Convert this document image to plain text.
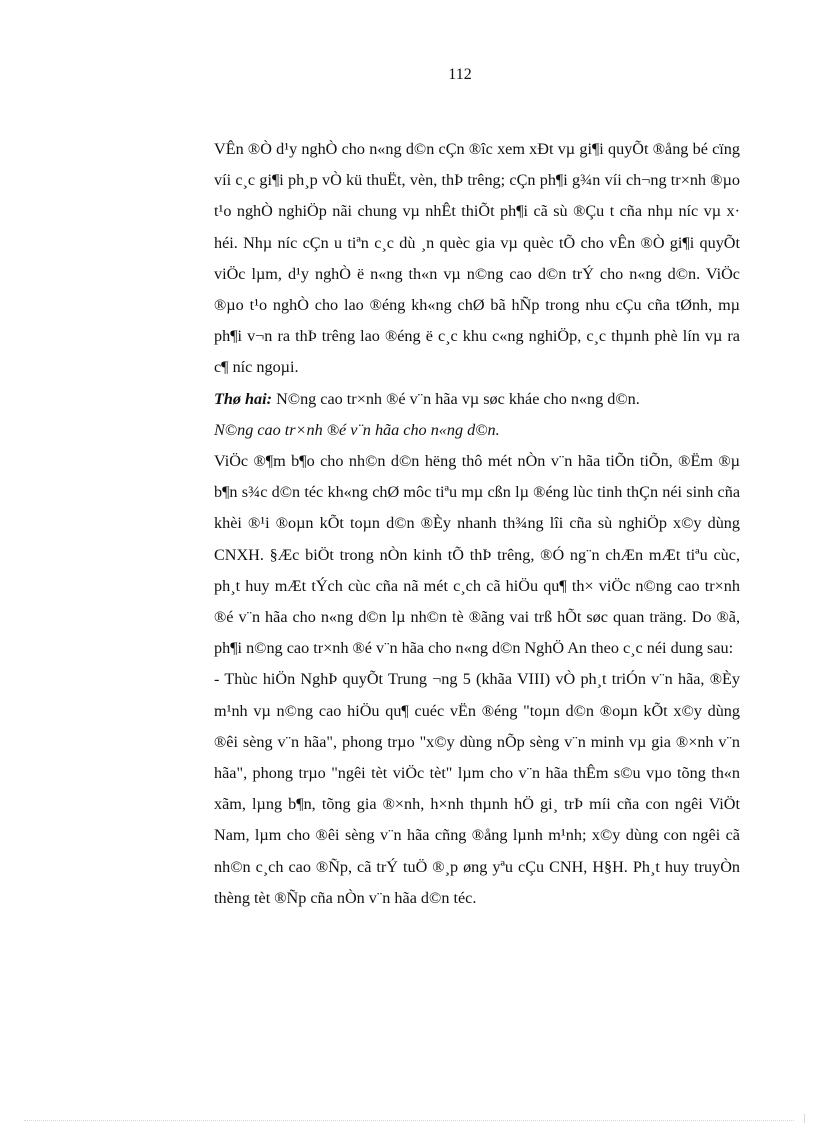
112

VÊn ®Ò d¹y nghÒ cho n«ng d©n cÇn ®îc xem xÐt vµ gi¶i quyÕt ®ång bé cïng víi c¸c gi¶i ph¸p vÒ kü thuËt, vèn, thÞ trêng; cÇn ph¶i g¾n víi ch¬ng tr×nh ®µo t¹o nghÒ nghiÖp nãi chung vµ nhÊt thiÕt ph¶i cã sù ®Çu t cña nhµ níc vµ x· héi. Nhµ níc cÇn u tiªn c¸c dù ¸n quèc gia vµ quèc tÕ cho vÊn ®Ò gi¶i quyÕt viÖc lµm, d¹y nghÒ ë n«ng th«n vµ n©ng cao d©n trÝ cho n«ng d©n. ViÖc ®µo t¹o nghÒ cho lao ®éng kh«ng chØ bã hÑp trong nhu cÇu cña tØnh, mµ ph¶i v¬n ra thÞ trêng lao ®éng ë c¸c khu c«ng nghiÖp, c¸c thµnh phè lín vµ ra c¶ níc ngoµi.

Thø hai: N©ng cao tr×nh ®é v¨n hãa vµ søc kháe cho n«ng d©n.

N©ng cao tr×nh ®é v¨n hãa cho n«ng d©n.

ViÖc ®¶m b¶o cho nh©n d©n hëng thô mét nÒn v¨n hãa tiÕn tiÕn, ®Ëm ®µ b¶n s¾c d©n téc kh«ng chØ môc tiªu mµ cßn lµ ®éng lùc tinh thÇn néi sinh cña khèi ®¹i ®oµn kÕt toµn d©n ®Èy nhanh th¾ng lîi cña sù nghiÖp x©y dùng CNXH. §Æc biÖt trong nÒn kinh tÕ thÞ trêng, ®Ó ng¨n chÆn mÆt tiªu cùc, ph¸t huy mÆt tÝch cùc cña nã mét c¸ch cã hiÖu qu¶ th× viÖc n©ng cao tr×nh ®é v¨n hãa cho n«ng d©n lµ nh©n tè ®ãng vai trß hÕt søc quan träng. Do ®ã, ph¶i n©ng cao tr×nh ®é v¨n hãa cho n«ng d©n NghÖ An theo c¸c néi dung sau:

- Thùc hiÖn NghÞ quyÕt Trung ¬ng 5 (khãa VIII) vÒ ph¸t triÓn v¨n hãa, ®Èy m¹nh vµ n©ng cao hiÖu qu¶ cuéc vËn ®éng "toµn d©n ®oµn kÕt x©y dùng ®êi sèng v¨n hãa", phong trµo "x©y dùng nÕp sèng v¨n minh vµ gia ®×nh v¨n hãa", phong trµo "ngêi tèt viÖc tèt" lµm cho v¨n hãa thÊm s©u vµo tõng th«n xãm, lµng b¶n, tõng gia ®×nh, h×nh thµnh hÖ gi¸ trÞ míi cña con ngêi ViÖt Nam, lµm cho ®êi sèng v¨n hãa cñng ®ång lµnh m¹nh; x©y dùng con ngêi cã nh©n c¸ch cao ®Ñp, cã trÝ tuÖ ®¸p øng yªu cÇu CNH, H§H. Ph¸t huy truyÒn thèng tèt ®Ñp cña nÒn v¨n hãa d©n téc.
